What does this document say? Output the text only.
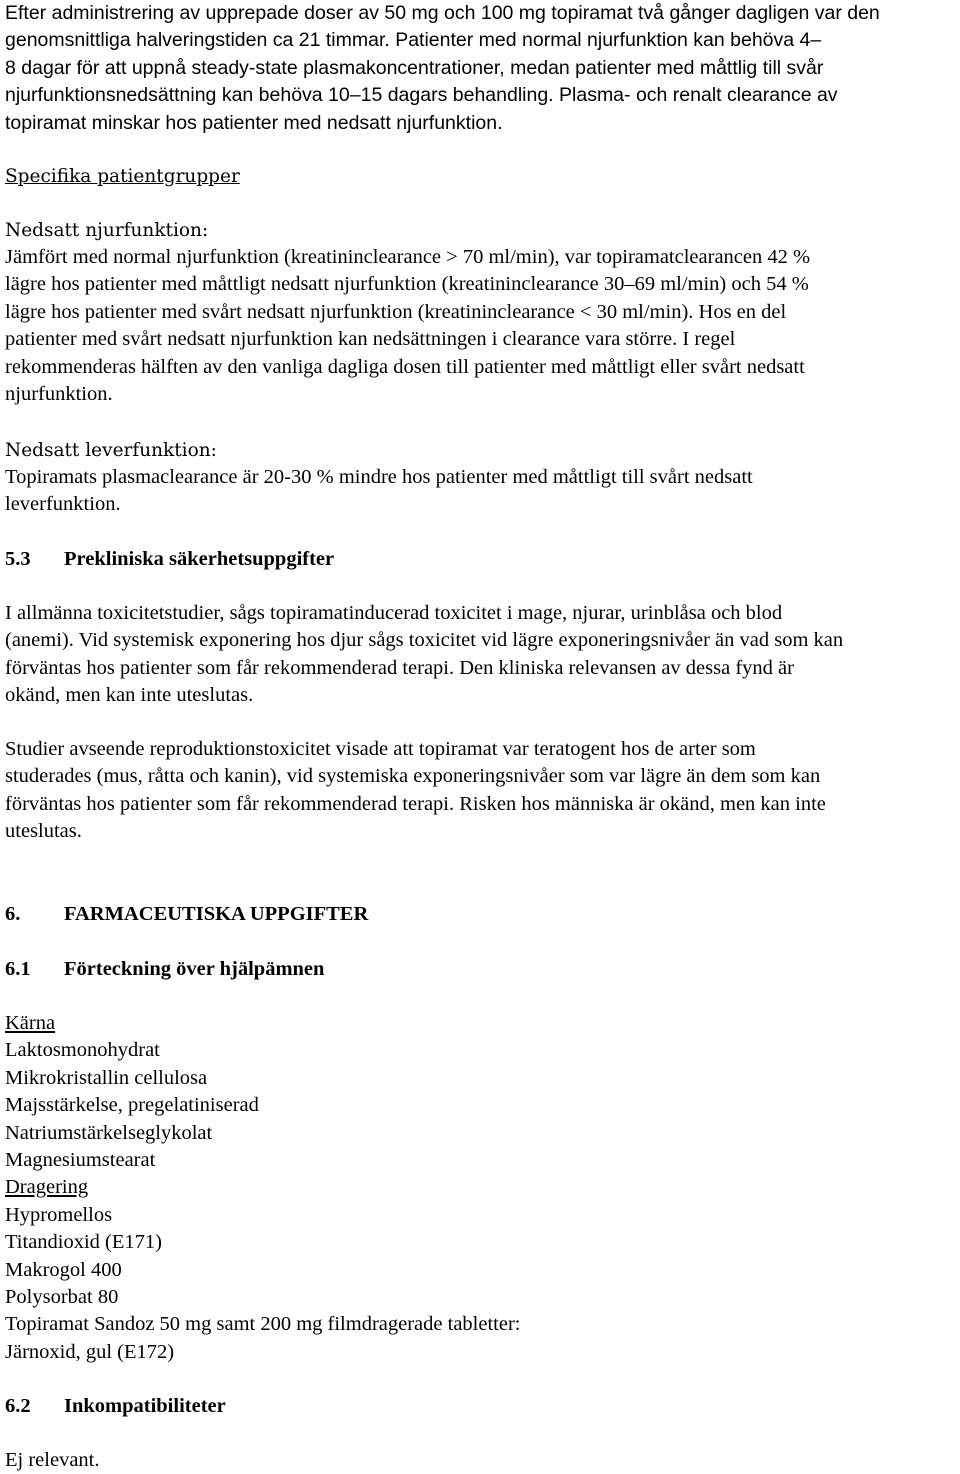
Efter administrering av upprepade doser av 50 mg och 100 mg topiramat två gånger dagligen var den
genomsnittliga halveringstiden ca 21 timmar. Patienter med normal njurfunktion kan behöva 4–
8 dagar för att uppnå steady-state plasmakoncentrationer, medan patienter med måttlig till svår
njurfunktionsnedsättning kan behöva 10–15 dagars behandling. Plasma- och renalt clearance av
topiramat minskar hos patienter med nedsatt njurfunktion.
Specifika patientgrupper
Nedsatt njurfunktion:
Jämfört med normal njurfunktion (kreatininclearance > 70 ml/min), var topiramatclearancen 42 %
lägre hos patienter med måttligt nedsatt njurfunktion (kreatininclearance 30–69 ml/min) och 54 %
lägre hos patienter med svårt nedsatt njurfunktion (kreatininclearance < 30 ml/min). Hos en del
patienter med svårt nedsatt njurfunktion kan nedsättningen i clearance vara större. I regel
rekommenderas hälften av den vanliga dagliga dosen till patienter med måttligt eller svårt nedsatt
njurfunktion.
Nedsatt leverfunktion:
Topiramats plasmaclearance är 20-30 % mindre hos patienter med måttligt till svårt nedsatt
leverfunktion.
5.3 Prekliniska säkerhetsuppgifter
I allmänna toxicitetstudier, sågs topiramatinducerad toxicitet i mage, njurar, urinblåsa och blod
(anemi). Vid systemisk exponering hos djur sågs toxicitet vid lägre exponeringsnivåer än vad som kan
förväntas hos patienter som får rekommenderad terapi. Den kliniska relevansen av dessa fynd är
okänd, men kan inte uteslutas.
Studier avseende reproduktionstoxicitet visade att topiramat var teratogent hos de arter som
studerades (mus, råtta och kanin), vid systemiska exponeringsnivåer som var lägre än dem som kan
förväntas hos patienter som får rekommenderad terapi. Risken hos människa är okänd, men kan inte
uteslutas.
6. FARMACEUTISKA UPPGIFTER
6.1 Förteckning över hjälpämnen
Kärna
Laktosmonohydrat
Mikrokristallin cellulosa
Majsstärkelse, pregelatiniserad
Natriumstärkelseglykolat
Magnesiumstearat
Dragering
Hypromellos
Titandioxid (E171)
Makrogol 400
Polysorbat 80
Topiramat Sandoz 50 mg samt 200 mg filmdragerade tabletter:
Järnoxid, gul (E172)
6.2 Inkompatibiliteter
Ej relevant.
